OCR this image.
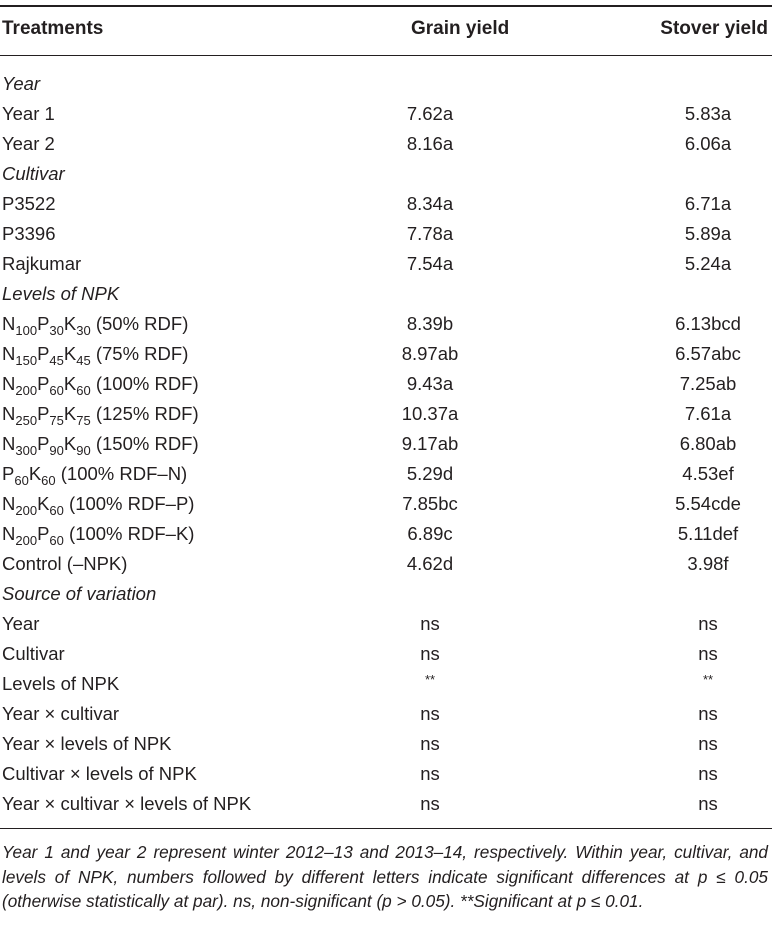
Treatments	Grain yield	Stover yield
Year
Year 1	7.62a	5.83a
Year 2	8.16a	6.06a
Cultivar
P3522	8.34a	6.71a
P3396	7.78a	5.89a
Rajkumar	7.54a	5.24a
Levels of NPK
$N_{100}P_{30}K_{30}$ (50% RDF)	8.39b	6.13bcd
$N_{150}P_{45}K_{45}$ (75% RDF)	8.97ab	6.57abc
$N_{200}P_{60}K_{60}$ (100% RDF)	9.43a	7.25ab
$N_{250}P_{75}K_{75}$ (125% RDF)	10.37a	7.61a
$N_{300}P_{90}K_{90}$ (150% RDF)	9.17ab	6.80ab
$P_{60}K_{60}$ (100% RDF–N)	5.29d	4.53ef
$N_{200}K_{60}$ (100% RDF–P)	7.85bc	5.54cde
$N_{200}P_{60}$ (100% RDF–K)	6.89c	5.11def
Control (–NPK)	4.62d	3.98f
Source of variation
Year	ns	ns
Cultivar	ns	ns
Levels of NPK	**	**
Year × cultivar	ns	ns
Year × levels of NPK	ns	ns
Cultivar × levels of NPK	ns	ns
Year × cultivar × levels of NPK	ns	ns
Year 1 and year 2 represent winter 2012–13 and 2013–14, respectively. Within year, cultivar, and levels of NPK, numbers followed by different letters indicate significant differences at p ≤ 0.05 (otherwise statistically at par). ns, non-significant (p > 0.05). **Significant at p ≤ 0.01.
